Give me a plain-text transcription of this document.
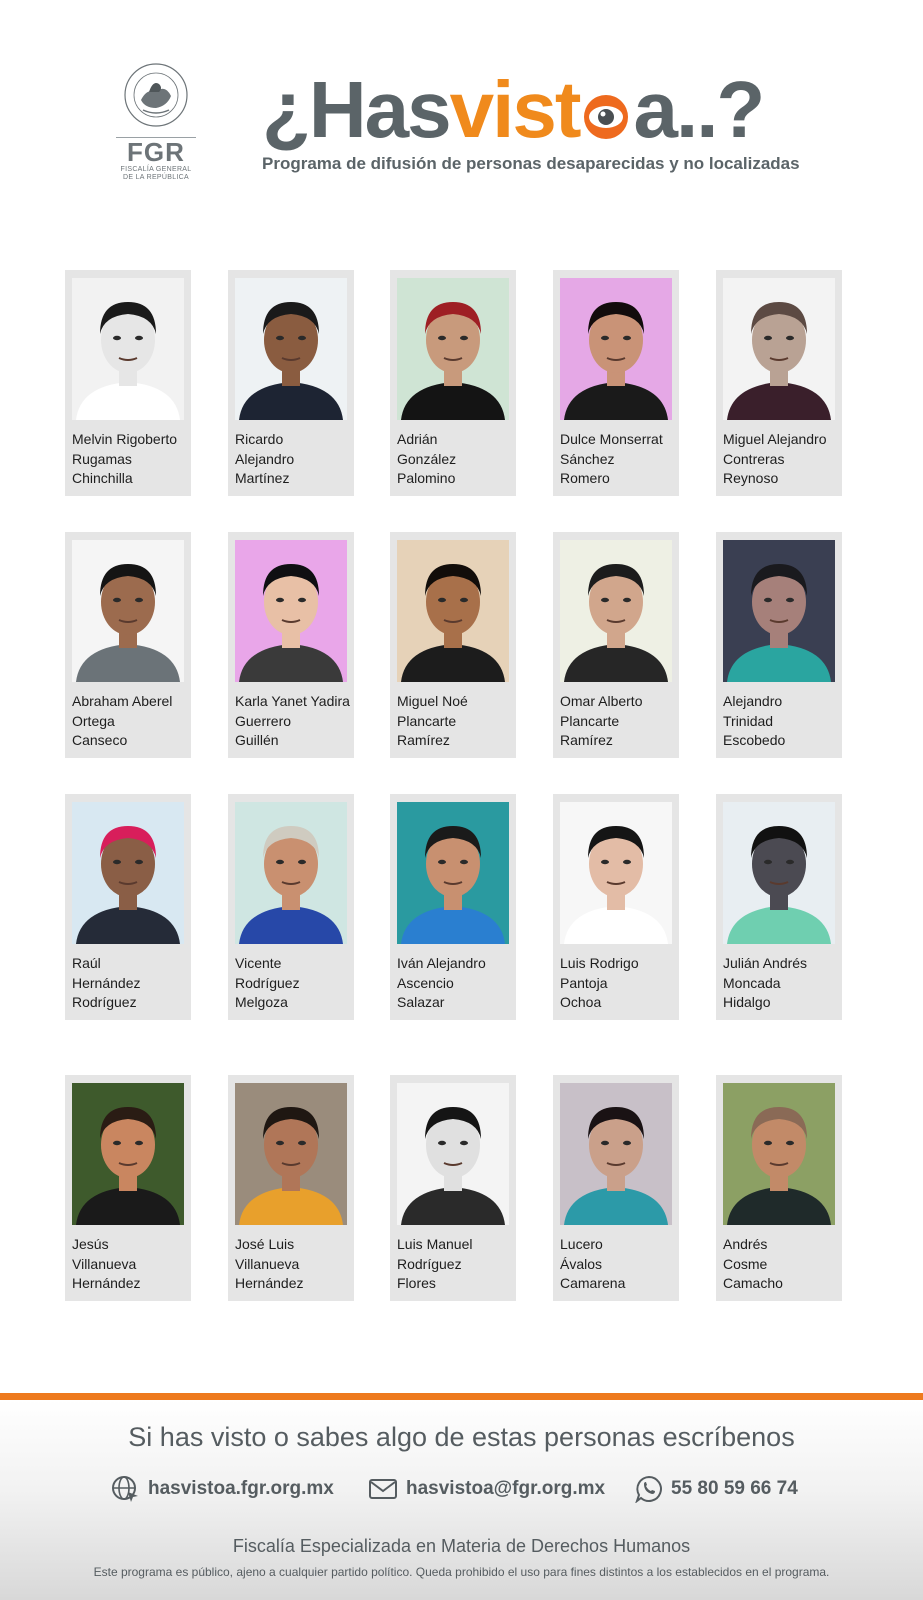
FGR
FISCALÍA GENERAL
DE LA REPÚBLICA
¿Hasvist a..?
Programa de difusión de personas desaparecidas y no localizadas
Melvin Rigoberto
Rugamas
Chinchilla
Ricardo
Alejandro
Martínez
Adrián
González
Palomino
Dulce Monserrat
Sánchez
Romero
Miguel Alejandro
Contreras
Reynoso
Abraham Aberel
Ortega
Canseco
Karla Yanet Yadira
Guerrero
Guillén
Miguel Noé
Plancarte
Ramírez
Omar Alberto
Plancarte
Ramírez
Alejandro
Trinidad
Escobedo
Raúl
Hernández
Rodríguez
Vicente
Rodríguez
Melgoza
Iván Alejandro
Ascencio
Salazar
Luis Rodrigo
Pantoja
Ochoa
Julián Andrés
Moncada
Hidalgo
Jesús
Villanueva
Hernández
José Luis
Villanueva
Hernández
Luis Manuel
Rodríguez
Flores
Lucero
Ávalos
Camarena
Andrés
Cosme
Camacho
Si has visto o sabes algo de estas personas escríbenos
hasvistoa.fgr.org.mx	hasvistoa@fgr.org.mx	55 80 59 66 74
Fiscalía Especializada en Materia de Derechos Humanos
Este programa es público, ajeno a cualquier partido político. Queda prohibido el uso para fines distintos a los establecidos en el programa.
